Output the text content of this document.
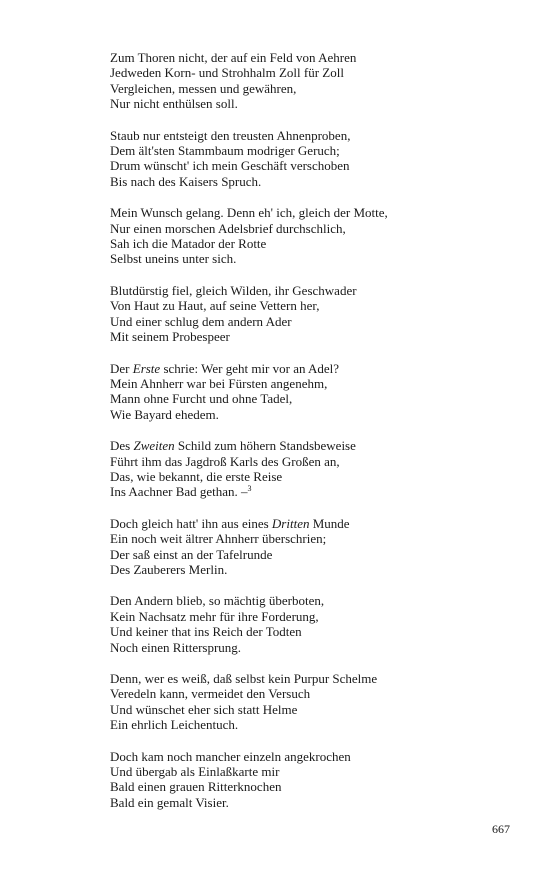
Zum Thoren nicht, der auf ein Feld von Aehren
Jedweden Korn- und Strohhalm Zoll für Zoll
Vergleichen, messen und gewähren,
Nur nicht enthülsen soll.
Staub nur entsteigt den treusten Ahnenproben,
Dem ält'sten Stammbaum modriger Geruch;
Drum wünscht' ich mein Geschäft verschoben
Bis nach des Kaisers Spruch.
Mein Wunsch gelang. Denn eh' ich, gleich der Motte,
Nur einen morschen Adelsbrief durchschlich,
Sah ich die Matador der Rotte
Selbst uneins unter sich.
Blutdürstig fiel, gleich Wilden, ihr Geschwader
Von Haut zu Haut, auf seine Vettern her,
Und einer schlug dem andern Ader
Mit seinem Probespeer
Der Erste schrie: Wer geht mir vor an Adel?
Mein Ahnherr war bei Fürsten angenehm,
Mann ohne Furcht und ohne Tadel,
Wie Bayard ehedem.
Des Zweiten Schild zum höhern Standsbeweise
Führt ihm das Jagdroß Karls des Großen an,
Das, wie bekannt, die erste Reise
Ins Aachner Bad gethan. –$^3$
Doch gleich hatt' ihn aus eines Dritten Munde
Ein noch weit ältrer Ahnherr überschrien;
Der saß einst an der Tafelrunde
Des Zauberers Merlin.
Den Andern blieb, so mächtig überboten,
Kein Nachsatz mehr für ihre Forderung,
Und keiner that ins Reich der Todten
Noch einen Rittersprung.
Denn, wer es weiß, daß selbst kein Purpur Schelme
Veredeln kann, vermeidet den Versuch
Und wünschet eher sich statt Helme
Ein ehrlich Leichentuch.
Doch kam noch mancher einzeln angekrochen
Und übergab als Einlaßkarte mir
Bald einen grauen Ritterknochen
Bald ein gemalt Visier.
667
